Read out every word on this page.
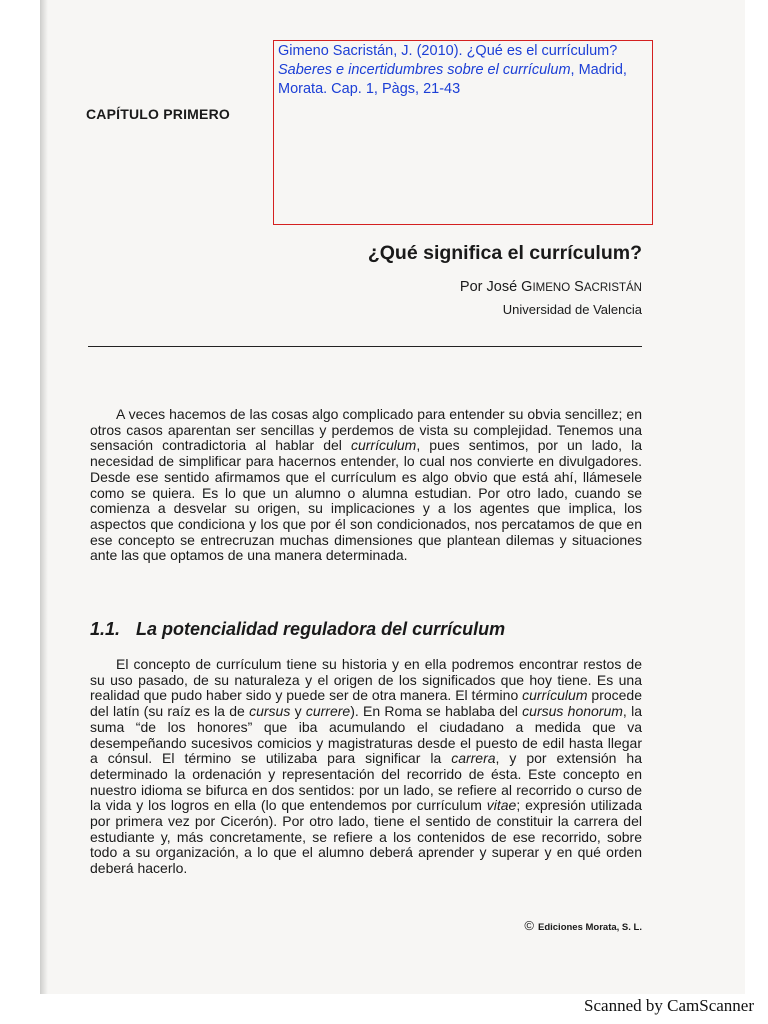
Gimeno Sacristán, J. (2010). ¿Qué es el currículum?
Saberes e incertidumbres sobre el currículum, Madrid,
Morata. Cap. 1, Pàgs, 21-43
CAPÍTULO PRIMERO
¿Qué significa el currículum?
Por José GIMENO SACRISTÁN
Universidad de Valencia

A veces hacemos de las cosas algo complicado para entender su obvia sencillez; en otros casos aparentan ser sencillas y perdemos de vista su complejidad. Tenemos una sensación contradictoria al hablar del currículum, pues sentimos, por un lado, la necesidad de simplificar para hacernos entender, lo cual nos convierte en divulgadores. Desde ese sentido afirmamos que el currículum es algo obvio que está ahí, llámesele como se quiera. Es lo que un alumno o alumna estudian. Por otro lado, cuando se comienza a desvelar su origen, su implicaciones y a los agentes que implica, los aspectos que condiciona y los que por él son condicionados, nos percatamos de que en ese concepto se entrecruzan muchas dimensiones que plantean dilemas y situaciones ante las que optamos de una manera determinada.

1.1. La potencialidad reguladora del currículum

El concepto de currículum tiene su historia y en ella podremos encontrar restos de su uso pasado, de su naturaleza y el origen de los significados que hoy tiene. Es una realidad que pudo haber sido y puede ser de otra manera. El término currículum procede del latín (su raíz es la de cursus y currere). En Roma se hablaba del cursus honorum, la suma “de los honores” que iba acumulando el ciudadano a medida que va desempeñando sucesivos comicios y magistraturas desde el puesto de edil hasta llegar a cónsul. El término se utilizaba para significar la carrera, y por extensión ha determinado la ordenación y representación del recorrido de ésta. Este concepto en nuestro idioma se bifurca en dos sentidos: por un lado, se refiere al recorrido o curso de la vida y los logros en ella (lo que entendemos por currículum vitae; expresión utilizada por primera vez por Cicerón). Por otro lado, tiene el sentido de constituir la carrera del estudiante y, más concretamente, se refiere a los contenidos de ese recorrido, sobre todo a su organización, a lo que el alumno deberá aprender y superar y en qué orden deberá hacerlo.

© Ediciones Morata, S. L.
Scanned by CamScanner
